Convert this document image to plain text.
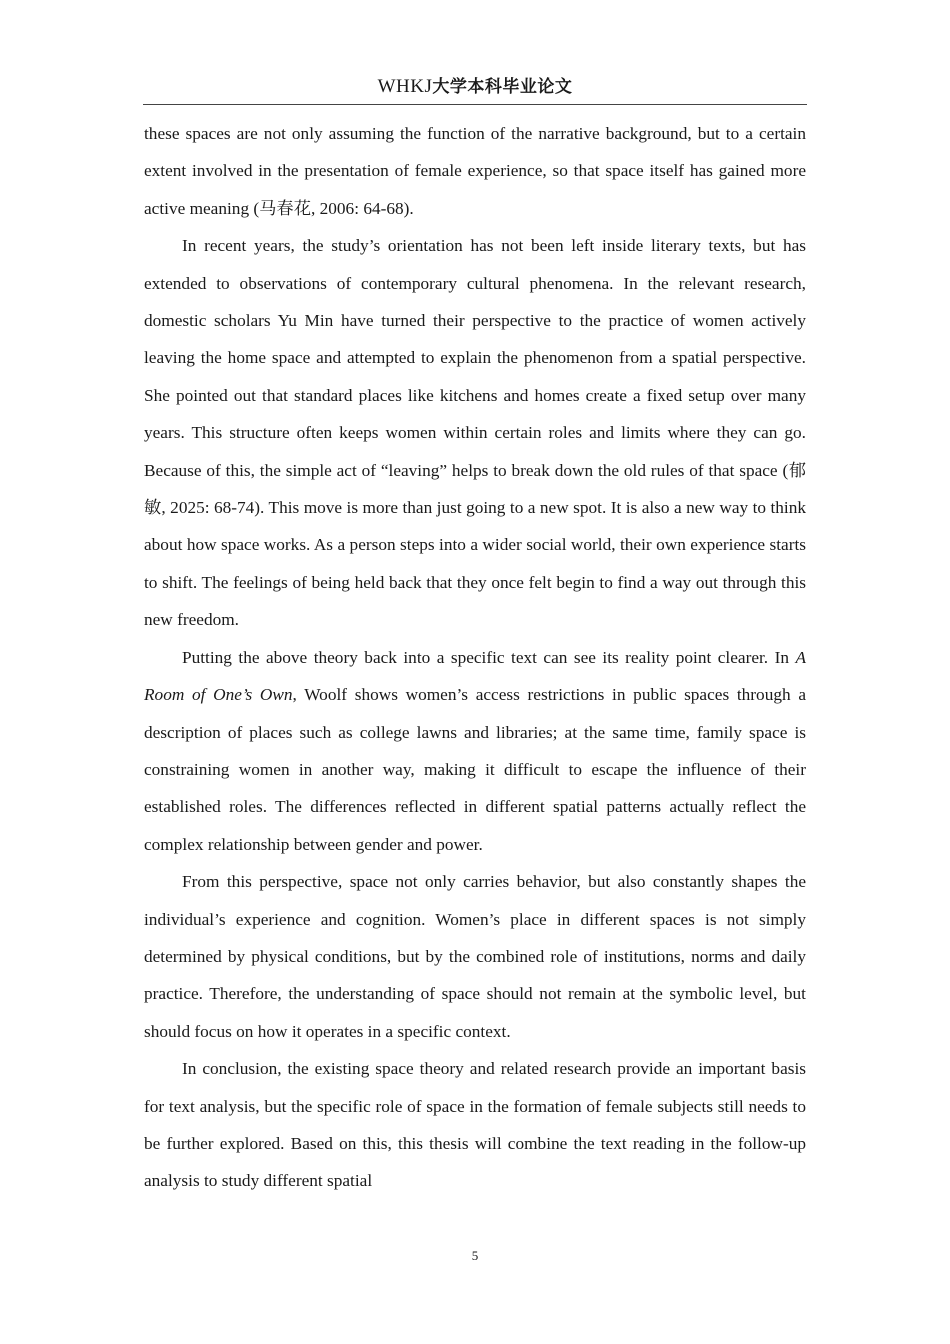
WHKJ大学本科毕业论文

these spaces are not only assuming the function of the narrative background, but to a certain extent involved in the presentation of female experience, so that space itself has gained more active meaning (马春花, 2006: 64-68).

In recent years, the study’s orientation has not been left inside literary texts, but has extended to observations of contemporary cultural phenomena. In the relevant research, domestic scholars Yu Min have turned their perspective to the practice of women actively leaving the home space and attempted to explain the phenomenon from a spatial perspective. She pointed out that standard places like kitchens and homes create a fixed setup over many years. This structure often keeps women within certain roles and limits where they can go. Because of this, the simple act of “leaving” helps to break down the old rules of that space (郁敏, 2025: 68-74). This move is more than just going to a new spot. It is also a new way to think about how space works. As a person steps into a wider social world, their own experience starts to shift. The feelings of being held back that they once felt begin to find a way out through this new freedom.

Putting the above theory back into a specific text can see its reality point clearer. In A Room of One’s Own, Woolf shows women’s access restrictions in public spaces through a description of places such as college lawns and libraries; at the same time, family space is constraining women in another way, making it difficult to escape the influence of their established roles. The differences reflected in different spatial patterns actually reflect the complex relationship between gender and power.

From this perspective, space not only carries behavior, but also constantly shapes the individual’s experience and cognition. Women’s place in different spaces is not simply determined by physical conditions, but by the combined role of institutions, norms and daily practice. Therefore, the understanding of space should not remain at the symbolic level, but should focus on how it operates in a specific context.

In conclusion, the existing space theory and related research provide an important basis for text analysis, but the specific role of space in the formation of female subjects still needs to be further explored. Based on this, this thesis will combine the text reading in the follow-up analysis to study different spatial

5
